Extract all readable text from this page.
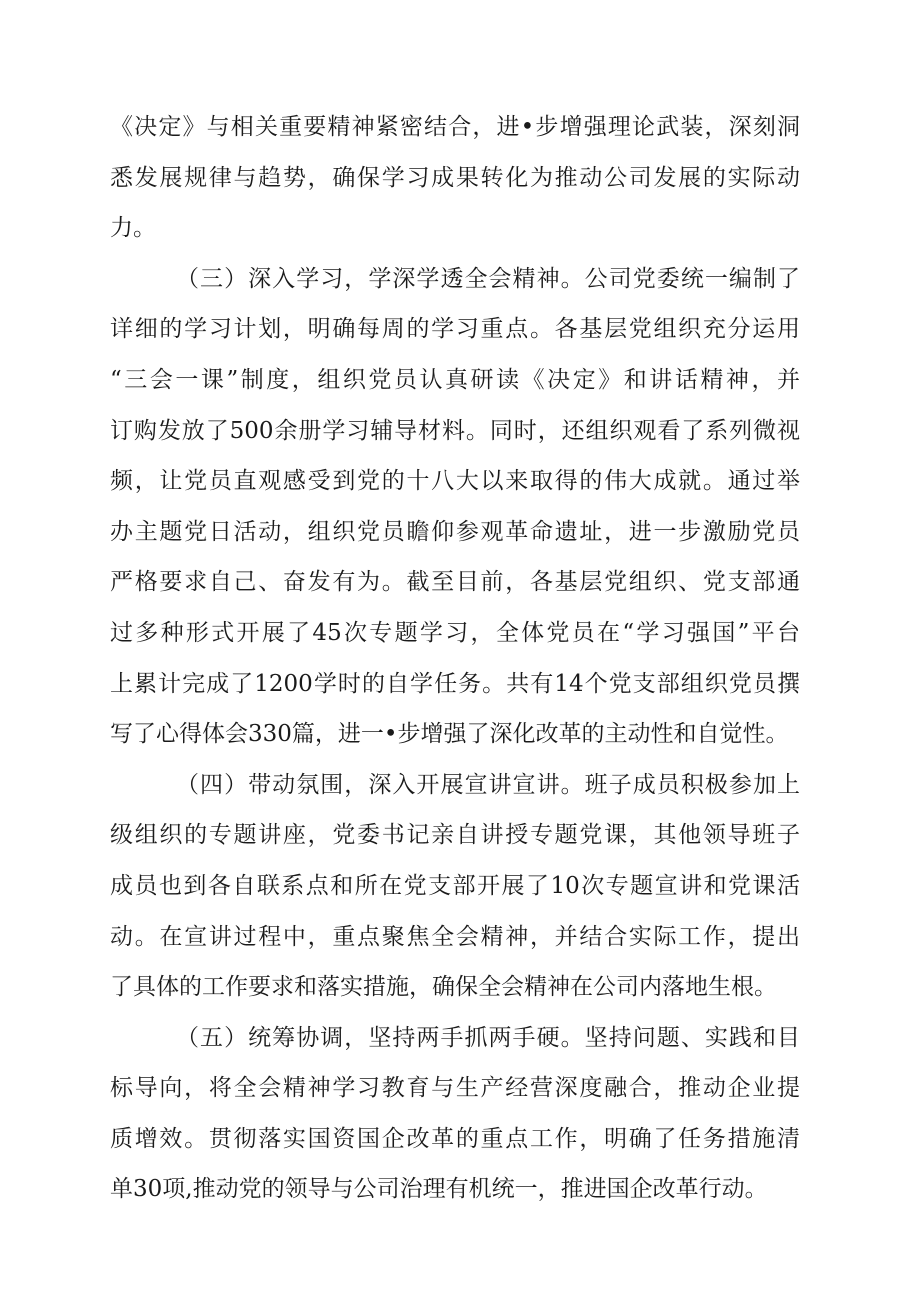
《决定》与相关重要精神紧密结合，进•步增强理论武装，深刻洞
悉发展规律与趋势，确保学习成果转化为推动公司发展的实际动
力。
（三）深入学习，学深学透全会精神。公司党委统一编制了
详细的学习计划，明确每周的学习重点。各基层党组织充分运用
“三会一课”制度，组织党员认真研读《决定》和讲话精神，并
订购发放了500余册学习辅导材料。同时，还组织观看了系列微视
频，让党员直观感受到党的十八大以来取得的伟大成就。通过举
办主题党日活动，组织党员瞻仰参观革命遗址，进一步激励党员
严格要求自己、奋发有为。截至目前，各基层党组织、党支部通
过多种形式开展了45次专题学习，全体党员在“学习强国”平台
上累计完成了1200学时的自学任务。共有14个党支部组织党员撰
写了心得体会330篇，进一•步增强了深化改革的主动性和自觉性。
（四）带动氛围，深入开展宣讲宣讲。班子成员积极参加上
级组织的专题讲座，党委书记亲自讲授专题党课，其他领导班子
成员也到各自联系点和所在党支部开展了10次专题宣讲和党课活
动。在宣讲过程中，重点聚焦全会精神，并结合实际工作，提出
了具体的工作要求和落实措施，确保全会精神在公司内落地生根。
（五）统筹协调，坚持两手抓两手硬。坚持问题、实践和目
标导向，将全会精神学习教育与生产经营深度融合，推动企业提
质增效。贯彻落实国资国企改革的重点工作，明确了任务措施清
单30项,推动党的领导与公司治理有机统一，推进国企改革行动。
